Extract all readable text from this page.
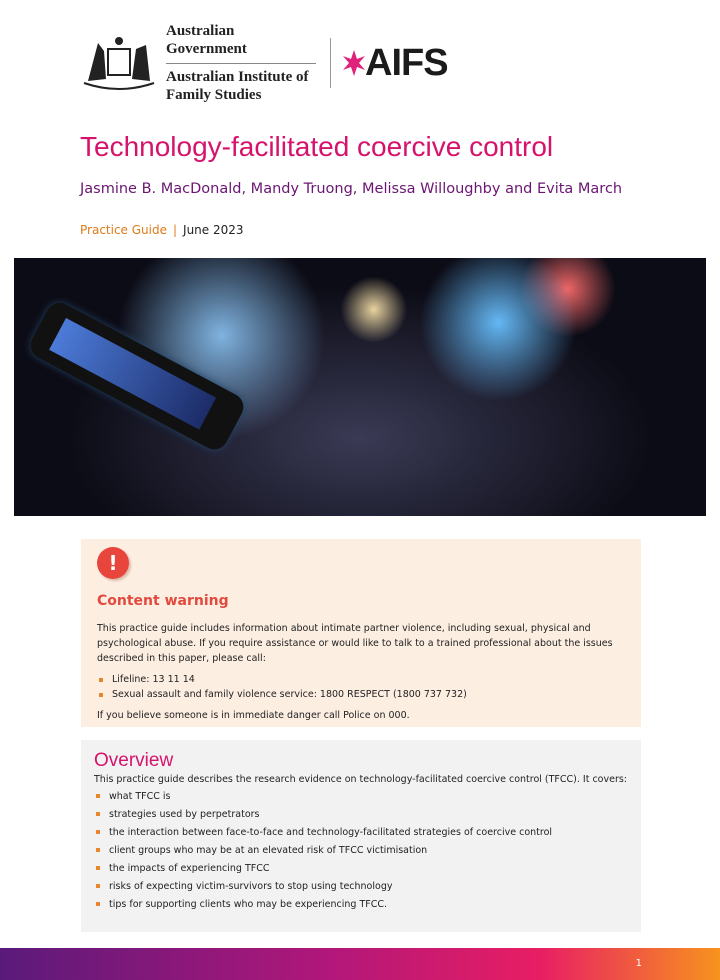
Australian Government
Australian Institute of
Family Studies
AIFS
Technology-facilitated coercive control
Jasmine B. MacDonald, Mandy Truong, Melissa Willoughby and Evita March
Practice Guide | June 2023
!
Content warning

This practice guide includes information about intimate partner violence, including sexual, physical and psychological abuse. If you require assistance or would like to talk to a trained professional about the issues described in this paper, please call:

Lifeline: 13 11 14
Sexual assault and family violence service: 1800 RESPECT (1800 737 732)

If you believe someone is in immediate danger call Police on 000.

Overview

This practice guide describes the research evidence on technology-facilitated coercive control (TFCC). It covers:

what TFCC is
strategies used by perpetrators
the interaction between face-to-face and technology-facilitated strategies of coercive control
client groups who may be at an elevated risk of TFCC victimisation
the impacts of experiencing TFCC
risks of expecting victim-survivors to stop using technology
tips for supporting clients who may be experiencing TFCC.
1
